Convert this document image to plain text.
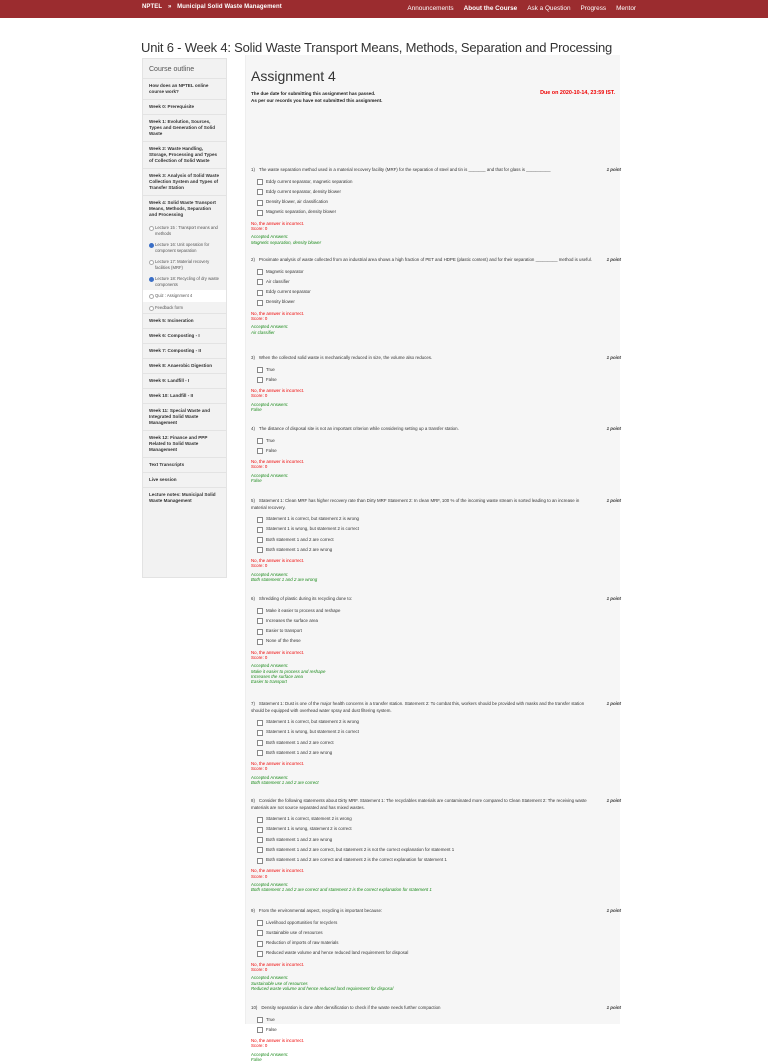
NPTEL » Municipal Solid Waste Management	Announcements About the Course Ask a Question Progress Mentor
Unit 6 - Week 4: Solid Waste Transport Means, Methods, Separation and Processing
Course outline
How does an NPTEL online course work?
Week 0: Prerequisite
Week 1: Evolution, Sources, Types and Generation of Solid Waste
Week 2: Waste Handling, Storage, Processing and Types of Collection of Solid Waste
Week 3: Analysis of Solid Waste Collection System and Types of Transfer Station
Week 4: Solid Waste Transport Means, Methods, Separation and Processing
Lecture 15 : Transport means and methods
Lecture 16: Unit operation for component separation
Lecture 17: Material recovery facilities (MRF)
Lecture 18: Recycling of dry waste components
Quiz : Assignment 4
Feedback form
Week 5: Incineration
Week 6: Composting - I
Week 7: Composting - II
Week 8: Anaerobic Digestion
Week 9: Landfill - I
Week 10: Landfill - II
Week 11: Special Waste and Integrated Solid Waste Management
Week 12: Finance and PPP Related to Solid Waste Management
Text Transcripts
Live session
Lecture notes: Municipal Solid Waste Management
Assignment 4
The due date for submitting this assignment has passed.
As per our records you have not submitted this assignment.
Due on 2020-10-14, 23:59 IST.
1) The waste separation method used in a material recovery facility (MRF) for the separation of steel and tin is _______ and that for glass is __________	1 point
Eddy current separator, magnetic separation
Eddy current separator, density blower
Density blower, air classification
Magnetic separation, density blower
No, the answer is incorrect.
Score: 0
Accepted Answers:
Magnetic separation, density blower
2) Proximate analysis of waste collected from an industrial area shows a high fraction of PET and HDPE (plastic content) and for their separation _________ method is useful.	1 point
Magnetic separator
Air classifier
Eddy current separator
Density blower
No, the answer is incorrect.
Score: 0
Accepted Answers:
Air classifier
3) When the collected solid waste is mechanically reduced in size, the volume also reduces.	1 point
True
False
No, the answer is incorrect.
Score: 0
Accepted Answers:
False
4) The distance of disposal site is not an important criterion while considering setting up a transfer station.	1 point
True
False
No, the answer is incorrect.
Score: 0
Accepted Answers:
False
5) Statement 1: Clean MRF has higher recovery rate than Dirty MRF Statement 2: In clean MRF, 100 % of the incoming waste stream is sorted leading to an increase in material recovery.
1 point
Statement 1 is correct, but statement 2 is wrong
Statement 1 is wrong, but statement 2 is correct
Both statement 1 and 2 are correct
Both statement 1 and 2 are wrong
No, the answer is incorrect.
Score: 0
Accepted Answers:
Both statement 1 and 2 are wrong
6) Shredding of plastic during its recycling done to:	1 point
Make it easier to process and reshape
Increases the surface area
Easier to transport
None of the these
No, the answer is incorrect.
Score: 0
Accepted Answers:
Make it easier to process and reshape
Increases the surface area
Easier to transport
7) Statement 1: Dust is one of the major health concerns in a transfer station. Statement 2: To combat this, workers should be provided with masks and the transfer station should be equipped with overhead water spray and dust filtering system.
1 point
Statement 1 is correct, but statement 2 is wrong
Statement 1 is wrong, but statement 2 is correct
Both statement 1 and 2 are correct
Both statement 1 and 2 are wrong
No, the answer is incorrect.
Score: 0
Accepted Answers:
Both statement 1 and 2 are correct
8) Consider the following statements about Dirty MRF. Statement 1: The recyclables materials are contaminated more compared to Clean Statement 2: The receiving waste materials are not source separated and has mixed wastes.
1 point
Statement 1 is correct, statement 2 is wrong
Statement 1 is wrong, statement 2 is correct
Both statement 1 and 2 are wrong
Both statement 1 and 2 are correct, but statement 2 is not the correct explanation for statement 1
Both statement 1 and 2 are correct and statement 2 is the correct explanation for statement 1
No, the answer is incorrect.
Score: 0
Accepted Answers:
Both statement 1 and 2 are correct and statement 2 is the correct explanation for statement 1
9) From the environmental aspect, recycling is important because:	1 point
Livelihood opportunities for recyclers
Sustainable use of resources
Reduction of imports of raw materials
Reduced waste volume and hence reduced land requirement for disposal
No, the answer is incorrect.
Score: 0
Accepted Answers:
Sustainable use of resources
Reduced waste volume and hence reduced land requirement for disposal
10) Density separation is done after densification to check if the waste needs further compaction	1 point
True
False
No, the answer is incorrect.
Score: 0
Accepted Answers:
False
